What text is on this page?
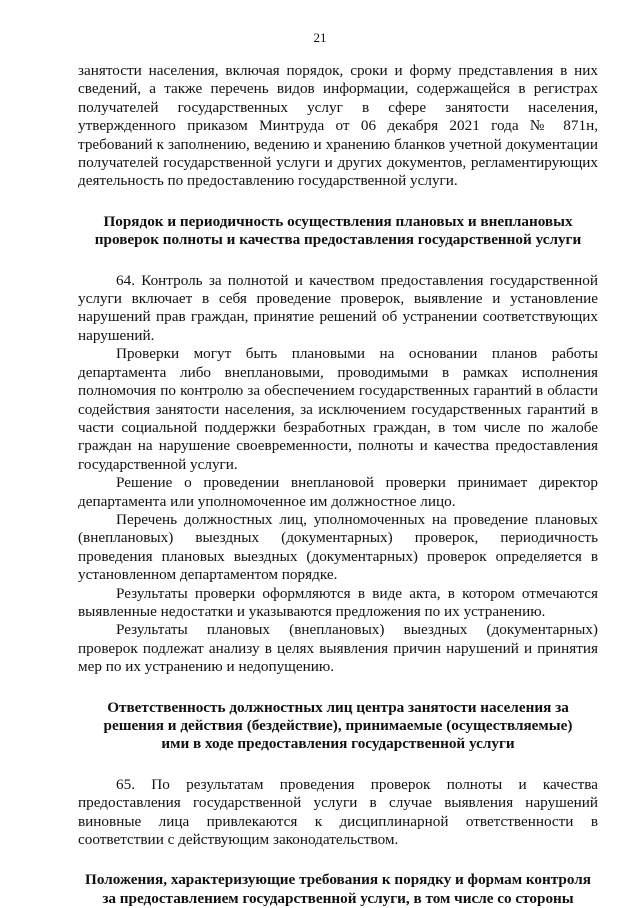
21

занятости населения, включая порядок, сроки и форму представления в них сведений, а также перечень видов информации, содержащейся в регистрах получателей государственных услуг в сфере занятости населения, утвержденного приказом Минтруда от 06 декабря 2021 года № 871н, требований к заполнению, ведению и хранению бланков учетной документации получателей государственной услуги и других документов, регламентирующих деятельность по предоставлению государственной услуги.

Порядок и периодичность осуществления плановых и внеплановых проверок полноты и качества предоставления государственной услуги

64. Контроль за полнотой и качеством предоставления государственной услуги включает в себя проведение проверок, выявление и установление нарушений прав граждан, принятие решений об устранении соответствующих нарушений.

Проверки могут быть плановыми на основании планов работы департамента либо внеплановыми, проводимыми в рамках исполнения полномочия по контролю за обеспечением государственных гарантий в области содействия занятости населения, за исключением государственных гарантий в части социальной поддержки безработных граждан, в том числе по жалобе граждан на нарушение своевременности, полноты и качества предоставления государственной услуги.

Решение о проведении внеплановой проверки принимает директор департамента или уполномоченное им должностное лицо.

Перечень должностных лиц, уполномоченных на проведение плановых (внеплановых) выездных (документарных) проверок, периодичность проведения плановых выездных (документарных) проверок определяется в установленном департаментом порядке.

Результаты проверки оформляются в виде акта, в котором отмечаются выявленные недостатки и указываются предложения по их устранению.

Результаты плановых (внеплановых) выездных (документарных) проверок подлежат анализу в целях выявления причин нарушений и принятия мер по их устранению и недопущению.

Ответственность должностных лиц центра занятости населения за
решения и действия (бездействие), принимаемые (осуществляемые)
ими в ходе предоставления государственной услуги

65. По результатам проведения проверок полноты и качества предоставления государственной услуги в случае выявления нарушений виновные лица привлекаются к дисциплинарной ответственности в соответствии с действующим законодательством.

Положения, характеризующие требования к порядку и формам контроля
за предоставлением государственной услуги, в том числе со стороны
